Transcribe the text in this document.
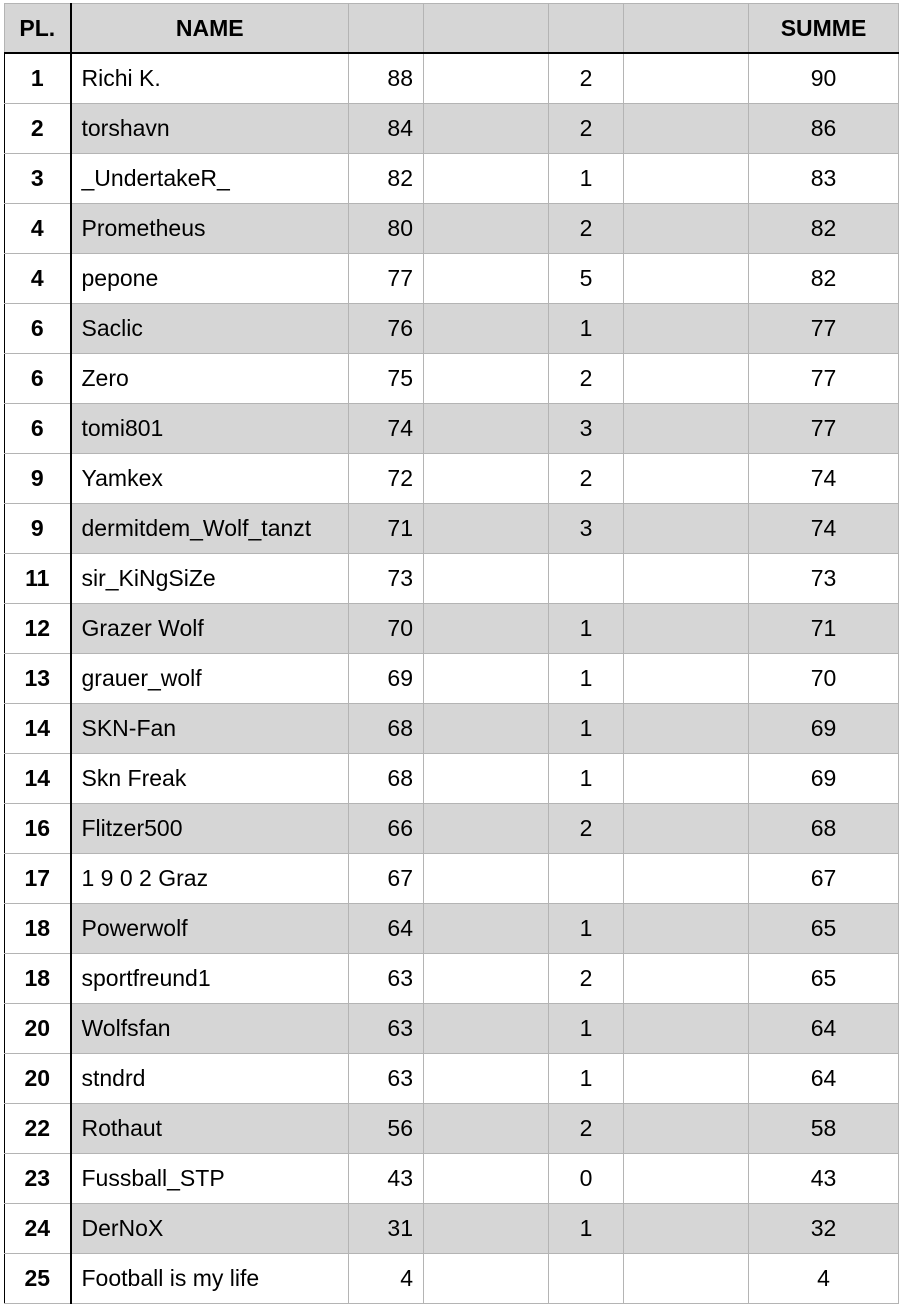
PL.	NAME					SUMME
1	Richi K.	88		2		90
2	torshavn	84		2		86
3	_UndertakeR_	82		1		83
4	Prometheus	80		2		82
4	pepone	77		5		82
6	Saclic	76		1		77
6	Zero	75		2		77
6	tomi801	74		3		77
9	Yamkex	72		2		74
9	dermitdem_Wolf_tanzt	71		3		74
11	sir_KiNgSiZe	73				73
12	Grazer Wolf	70		1		71
13	grauer_wolf	69		1		70
14	SKN-Fan	68		1		69
14	Skn Freak	68		1		69
16	Flitzer500	66		2		68
17	1 9 0 2 Graz	67				67
18	Powerwolf	64		1		65
18	sportfreund1	63		2		65
20	Wolfsfan	63		1		64
20	stndrd	63		1		64
22	Rothaut	56		2		58
23	Fussball_STP	43		0		43
24	DerNoX	31		1		32
25	Football is my life	4				4
